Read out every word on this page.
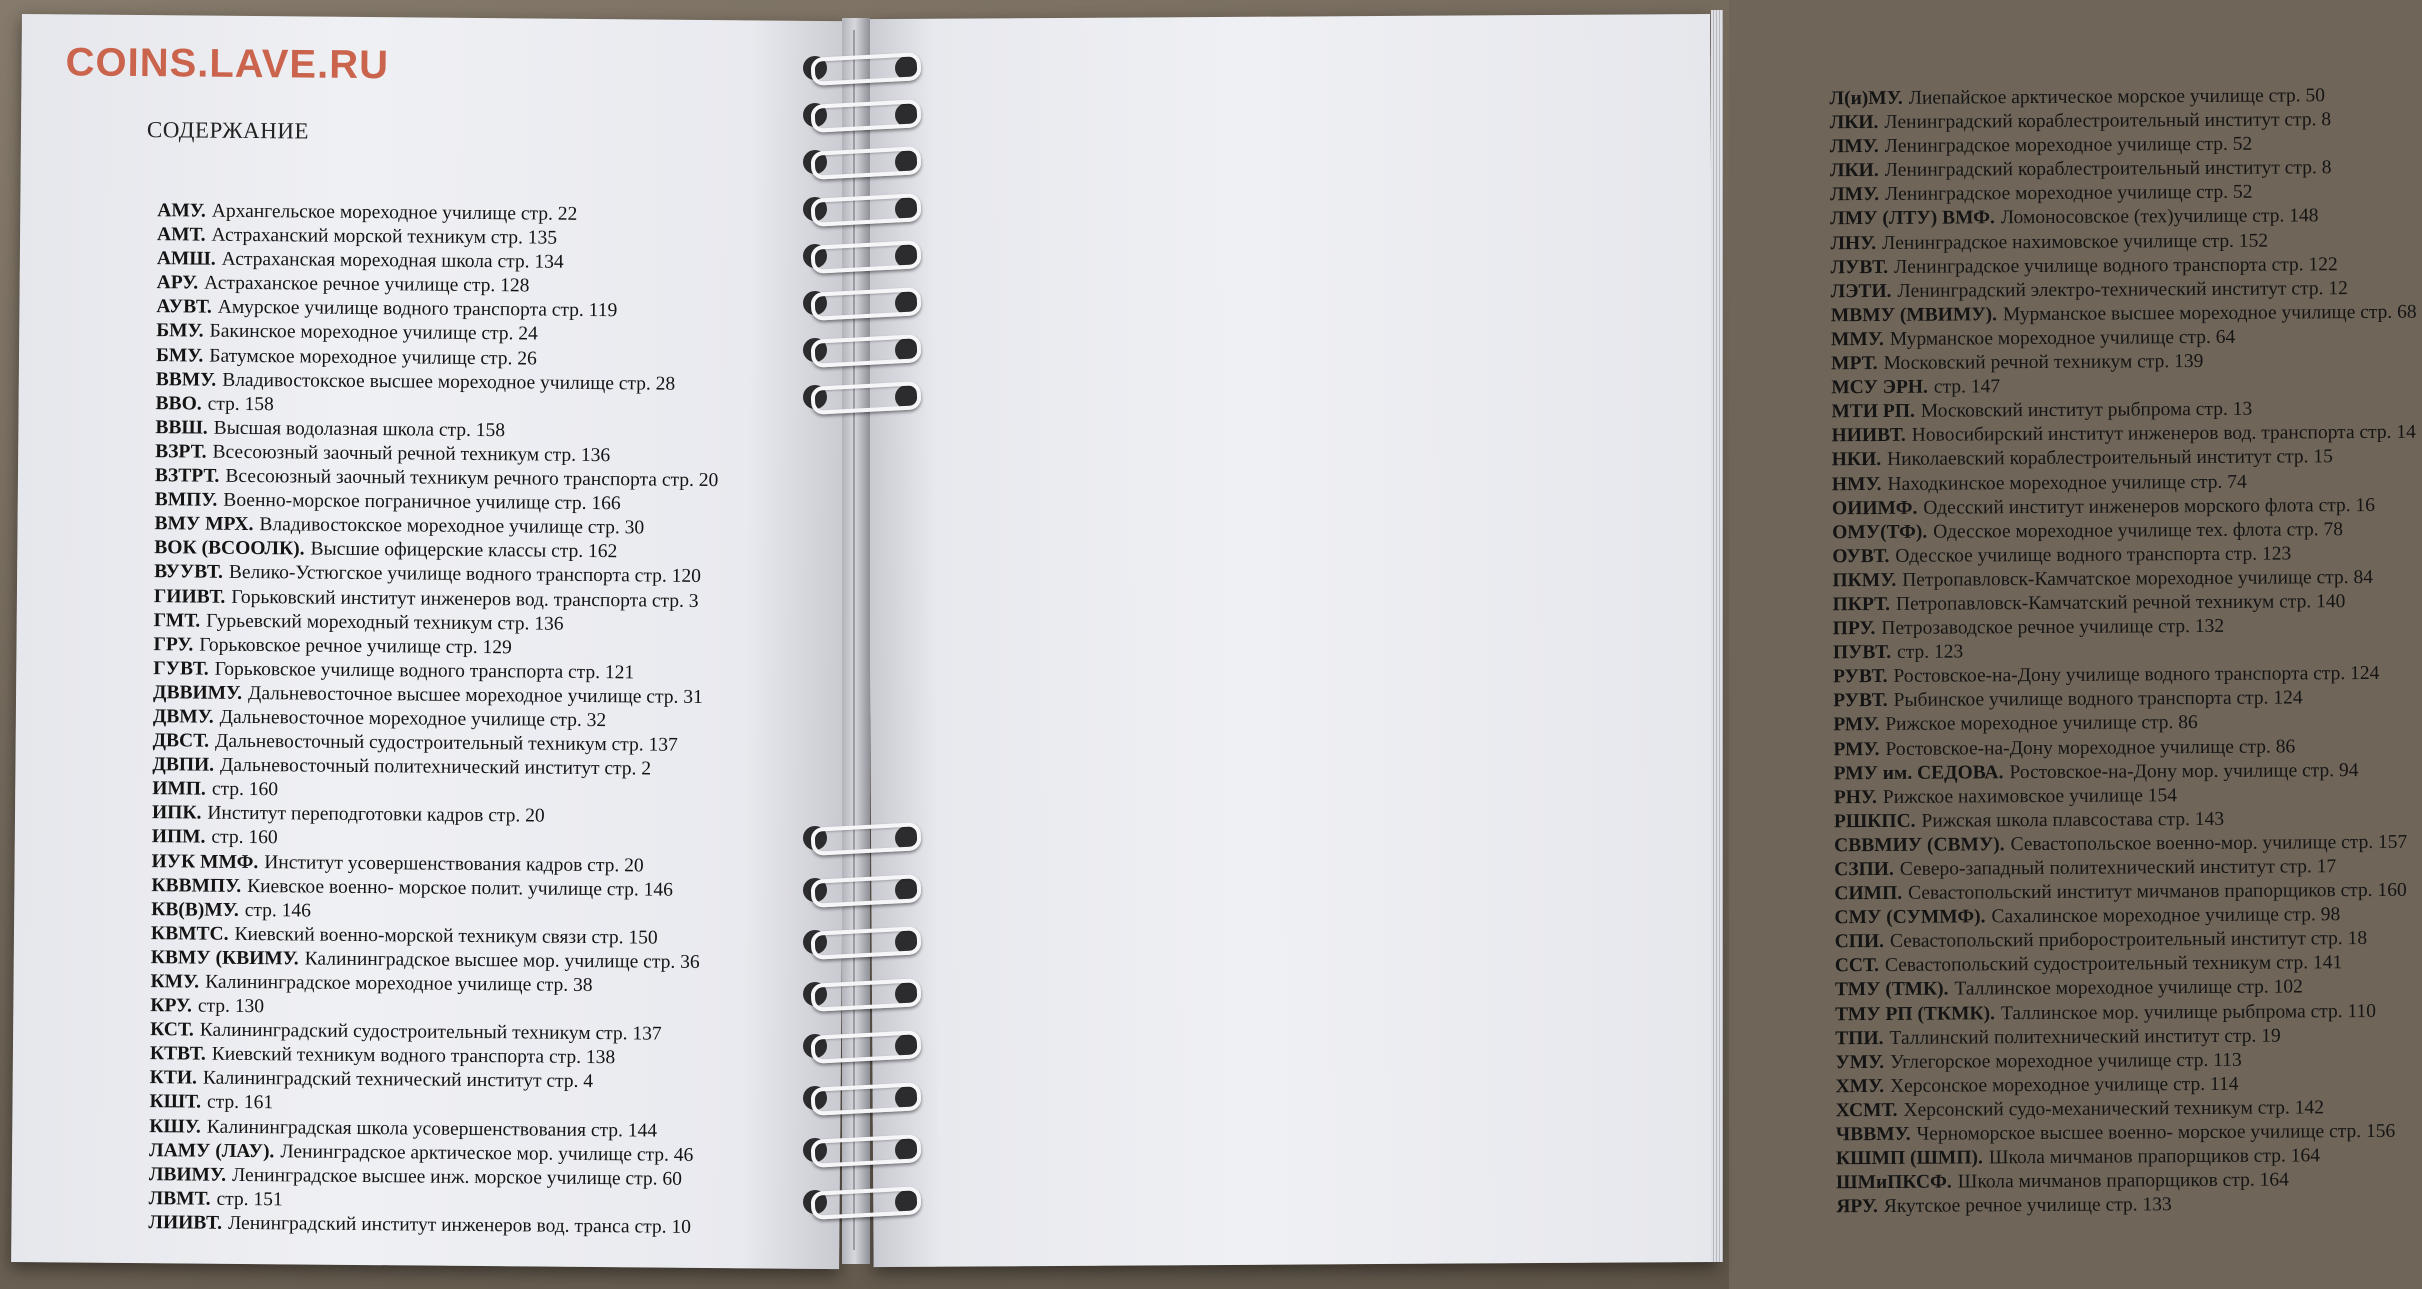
COINS.LAVE.RU
СОДЕРЖАНИЕ
АМУ. Архангельское мореходное училище стр. 22
АМТ. Астраханский морской техникум стр. 135
АМШ. Астраханская мореходная школа стр. 134
АРУ. Астраханское речное училище стр. 128
АУВТ. Амурское училище водного транспорта стр. 119
БМУ. Бакинское мореходное училище стр. 24
БМУ. Батумское мореходное училище стр. 26
ВВМУ. Владивостокское высшее мореходное училище стр. 28
ВВО. стр. 158
ВВШ. Высшая водолазная школа стр. 158
ВЗРТ. Всесоюзный заочный речной техникум стр. 136
ВЗТРТ. Всесоюзный заочный техникум речного транспорта стр. 20
ВМПУ. Военно-морское пограничное училище стр. 166
ВМУ МРХ. Владивостокское мореходное училище стр. 30
ВОК (ВСООЛК). Высшие офицерские классы стр. 162
ВУУВТ. Велико-Устюгское училище водного транспорта стр. 120
ГИИВТ. Горьковский институт инженеров вод. транспорта стр. 3
ГМТ. Гурьевский мореходный техникум стр. 136
ГРУ. Горьковское речное училище стр. 129
ГУВТ. Горьковское училище водного транспорта стр. 121
ДВВИМУ. Дальневосточное высшее мореходное училище стр. 31
ДВМУ. Дальневосточное мореходное училище стр. 32
ДВСТ. Дальневосточный судостроительный техникум стр. 137
ДВПИ. Дальневосточный политехнический институт стр. 2
ИМП. стр. 160
ИПК. Институт переподготовки кадров стр. 20
ИПМ. стр. 160
ИУК ММФ. Институт усовершенствования кадров стр. 20
КВВМПУ. Киевское военно- морское полит. училище стр. 146
КВ(В)МУ. стр. 146
КВМТС. Киевский военно-морской техникум связи стр. 150
КВМУ (КВИМУ. Калининградское высшее мор. училище стр. 36
КМУ. Калининградское мореходное училище стр. 38
КРУ. стр. 130
КСТ. Калининградский судостроительный техникум стр. 137
КТВТ. Киевский техникум водного транспорта стр. 138
КТИ. Калининградский технический институт стр. 4
КШТ. стр. 161
КШУ. Калининградская школа усовершенствования стр. 144
ЛАМУ (ЛАУ). Ленинградское арктическое мор. училище стр. 46
ЛВИМУ. Ленинградское высшее инж. морское училище стр. 60
ЛВМТ. стр. 151
ЛИИВТ. Ленинградский институт инженеров вод. транса стр. 10
Л(и)МУ. Лиепайское арктическое морское училище стр. 50
ЛКИ. Ленинградский кораблестроительный институт стр. 8
ЛМУ. Ленинградское мореходное училище стр. 52
ЛКИ. Ленинградский кораблестроительный институт стр. 8
ЛМУ. Ленинградское мореходное училище стр. 52
ЛМУ (ЛТУ) ВМФ. Ломоносовское (тех)училище стр. 148
ЛНУ. Ленинградское нахимовское училище стр. 152
ЛУВТ. Ленинградское училище водного транспорта стр. 122
ЛЭТИ. Ленинградский электро-технический институт стр. 12
МВМУ (МВИМУ). Мурманское высшее мореходное училище стр. 68
ММУ. Мурманское мореходное училище стр. 64
МРТ. Московский речной техникум стр. 139
МСУ ЭРН. стр. 147
МТИ РП. Московский институт рыбпрома стр. 13
НИИВТ. Новосибирский институт инженеров вод. транспорта стр. 14
НКИ. Николаевский кораблестроительный институт стр. 15
НМУ. Находкинское мореходное училище стр. 74
ОИИМФ. Одесский институт инженеров морского флота стр. 16
ОМУ(ТФ). Одесское мореходное училище тех. флота стр. 78
ОУВТ. Одесское училище водного транспорта стр. 123
ПКМУ. Петропавловск-Камчатское мореходное училище стр. 84
ПКРТ. Петропавловск-Камчатский речной техникум стр. 140
ПРУ. Петрозаводское речное училище стр. 132
ПУВТ. стр. 123
РУВТ. Ростовское-на-Дону училище водного транспорта стр. 124
РУВТ. Рыбинское училище водного транспорта стр. 124
РМУ. Рижское мореходное училище стр. 86
РМУ. Ростовское-на-Дону мореходное училище стр. 86
РМУ им. СЕДОВА. Ростовское-на-Дону мор. училище стр. 94
РНУ. Рижское нахимовское училище 154
РШКПС. Рижская школа плавсостава стр. 143
СВВМИУ (СВМУ). Севастопольское военно-мор. училище стр. 157
СЗПИ. Северо-западный политехнический институт стр. 17
СИМП. Севастопольский институт мичманов прапорщиков стр. 160
СМУ (СУММФ). Сахалинское мореходное училище стр. 98
СПИ. Севастопольский приборостроительный институт стр. 18
ССТ. Севастопольский судостроительный техникум стр. 141
ТМУ (ТМК). Таллинское мореходное училище стр. 102
ТМУ РП (ТКМК). Таллинское мор. училище рыбпрома стр. 110
ТПИ. Таллинский политехнический институт стр. 19
УМУ. Углегорское мореходное училище стр. 113
ХМУ. Херсонское мореходное училище стр. 114
ХСМТ. Херсонский судо-механический техникум стр. 142
ЧВВМУ. Черноморское высшее военно- морское училище стр. 156
КШМП (ШМП). Школа мичманов прапорщиков стр. 164
ШМиПКСФ. Школа мичманов прапорщиков стр. 164
ЯРУ. Якутское речное училище стр. 133
